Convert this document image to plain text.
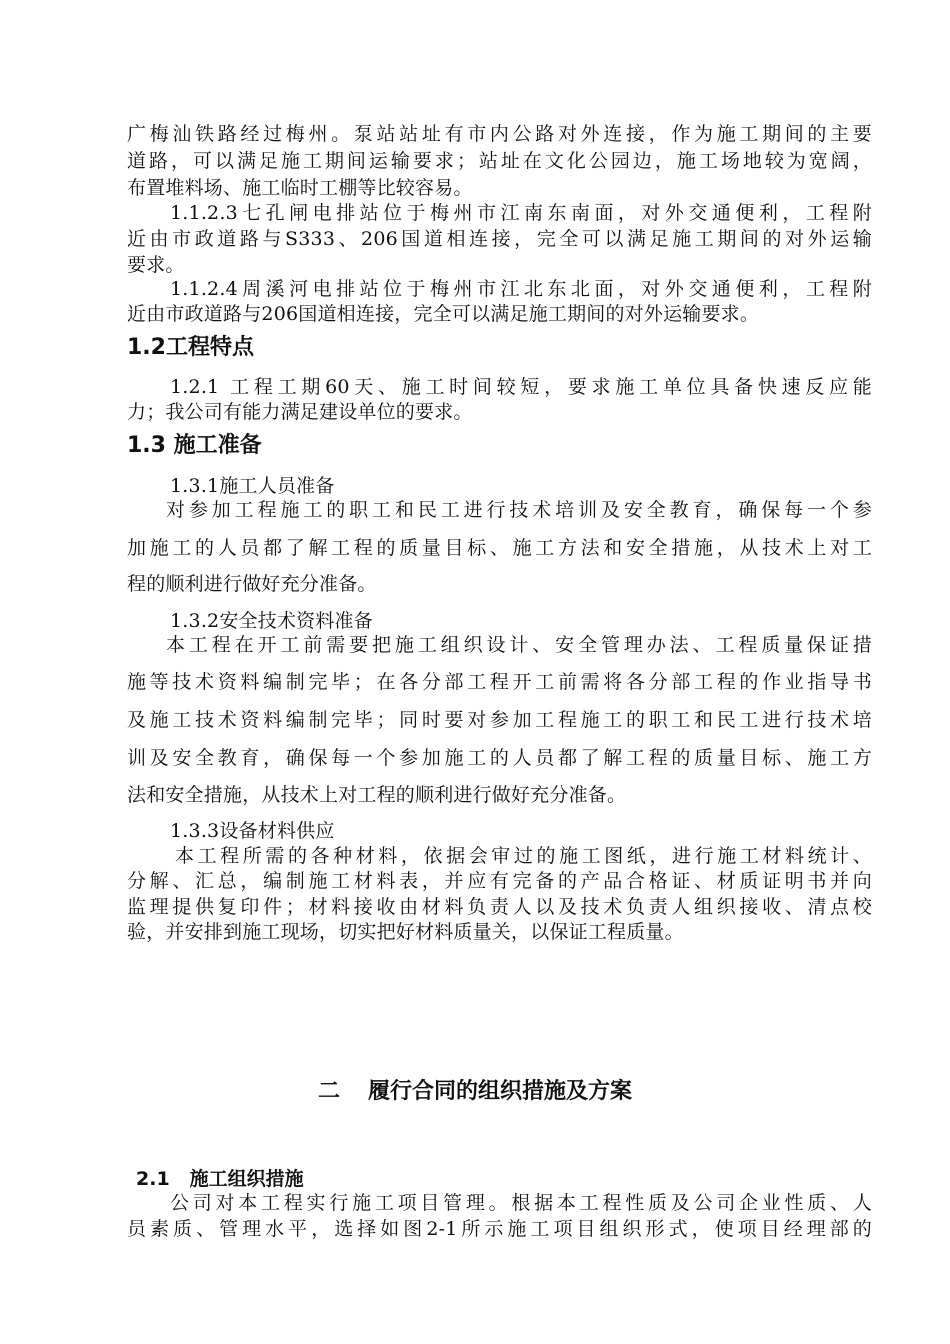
广梅汕铁路经过梅州。泵站站址有市内公路对外连接，作为施工期间的主要
道路，可以满足施工期间运输要求；站址在文化公园边，施工场地较为宽阔，
布置堆料场、施工临时工棚等比较容易。
1.1.2.3七孔闸电排站位于梅州市江南东南面，对外交通便利，工程附
近由市政道路与S333、206国道相连接，完全可以满足施工期间的对外运输
要求。
1.1.2.4周溪河电排站位于梅州市江北东北面，对外交通便利，工程附
近由市政道路与206国道相连接，完全可以满足施工期间的对外运输要求。
1.2工程特点
1.2.1 工程工期60天、施工时间较短，要求施工单位具备快速反应能
力；我公司有能力满足建设单位的要求。
1.3 施工准备
1.3.1施工人员准备
对参加工程施工的职工和民工进行技术培训及安全教育，确保每一个参
加施工的人员都了解工程的质量目标、施工方法和安全措施，从技术上对工
程的顺利进行做好充分准备。
1.3.2安全技术资料准备
本工程在开工前需要把施工组织设计、安全管理办法、工程质量保证措
施等技术资料编制完毕；在各分部工程开工前需将各分部工程的作业指导书
及施工技术资料编制完毕；同时要对参加工程施工的职工和民工进行技术培
训及安全教育，确保每一个参加施工的人员都了解工程的质量目标、施工方
法和安全措施，从技术上对工程的顺利进行做好充分准备。
1.3.3设备材料供应
本工程所需的各种材料，依据会审过的施工图纸，进行施工材料统计、
分解、汇总，编制施工材料表，并应有完备的产品合格证、材质证明书并向
监理提供复印件；材料接收由材料负责人以及技术负责人组织接收、清点校
验，并安排到施工现场，切实把好材料质量关，以保证工程质量。
二 履行合同的组织措施及方案
2.1 施工组织措施
公司对本工程实行施工项目管理。根据本工程性质及公司企业性质、人
员素质、管理水平，选择如图2-1所示施工项目组织形式，使项目经理部的
